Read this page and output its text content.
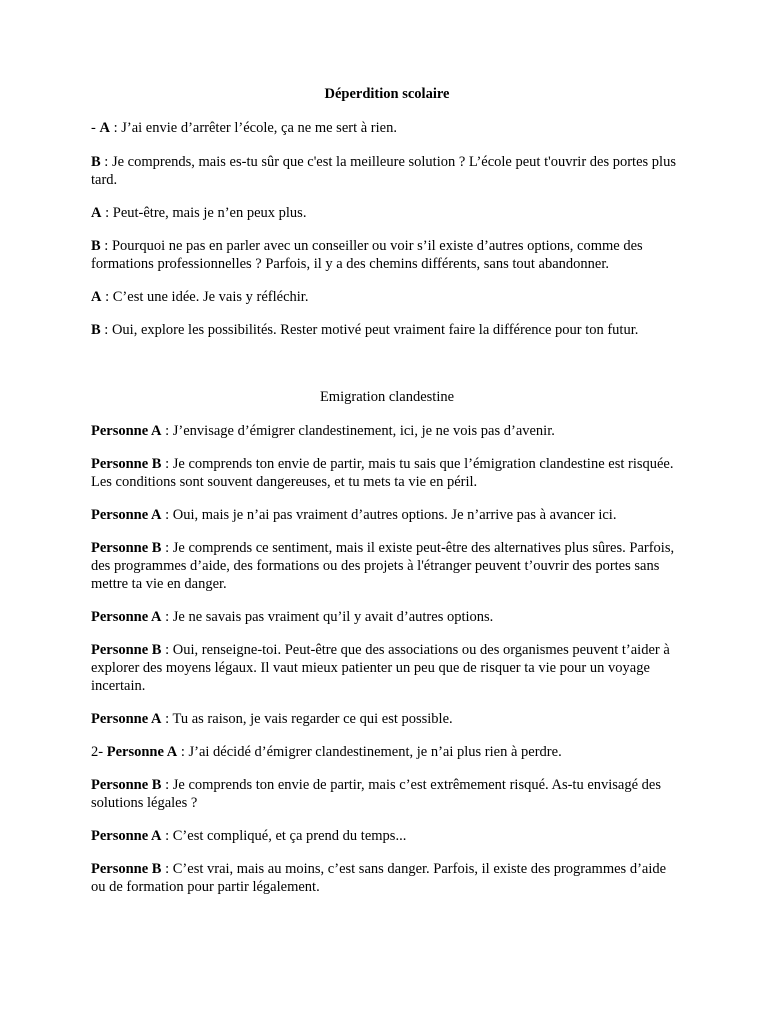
Déperdition scolaire

- A : J’ai envie d’arrêter l’école, ça ne me sert à rien.

B : Je comprends, mais es-tu sûr que c'est la meilleure solution ? L’école peut t'ouvrir des portes plus tard.

A : Peut-être, mais je n’en peux plus.

B : Pourquoi ne pas en parler avec un conseiller ou voir s’il existe d’autres options, comme des formations professionnelles ? Parfois, il y a des chemins différents, sans tout abandonner.

A : C’est une idée. Je vais y réfléchir.

B : Oui, explore les possibilités. Rester motivé peut vraiment faire la différence pour ton futur.

Emigration clandestine

Personne A : J’envisage d’émigrer clandestinement, ici, je ne vois pas d’avenir.

Personne B : Je comprends ton envie de partir, mais tu sais que l’émigration clandestine est risquée. Les conditions sont souvent dangereuses, et tu mets ta vie en péril.

Personne A : Oui, mais je n’ai pas vraiment d’autres options. Je n’arrive pas à avancer ici.

Personne B : Je comprends ce sentiment, mais il existe peut-être des alternatives plus sûres. Parfois, des programmes d’aide, des formations ou des projets à l'étranger peuvent t’ouvrir des portes sans mettre ta vie en danger.

Personne A : Je ne savais pas vraiment qu’il y avait d’autres options.

Personne B : Oui, renseigne-toi. Peut-être que des associations ou des organismes peuvent t’aider à explorer des moyens légaux. Il vaut mieux patienter un peu que de risquer ta vie pour un voyage incertain.

Personne A : Tu as raison, je vais regarder ce qui est possible.

2- Personne A : J’ai décidé d’émigrer clandestinement, je n’ai plus rien à perdre.

Personne B : Je comprends ton envie de partir, mais c’est extrêmement risqué. As-tu envisagé des solutions légales ?

Personne A : C’est compliqué, et ça prend du temps...

Personne B : C’est vrai, mais au moins, c’est sans danger. Parfois, il existe des programmes d’aide ou de formation pour partir légalement.
